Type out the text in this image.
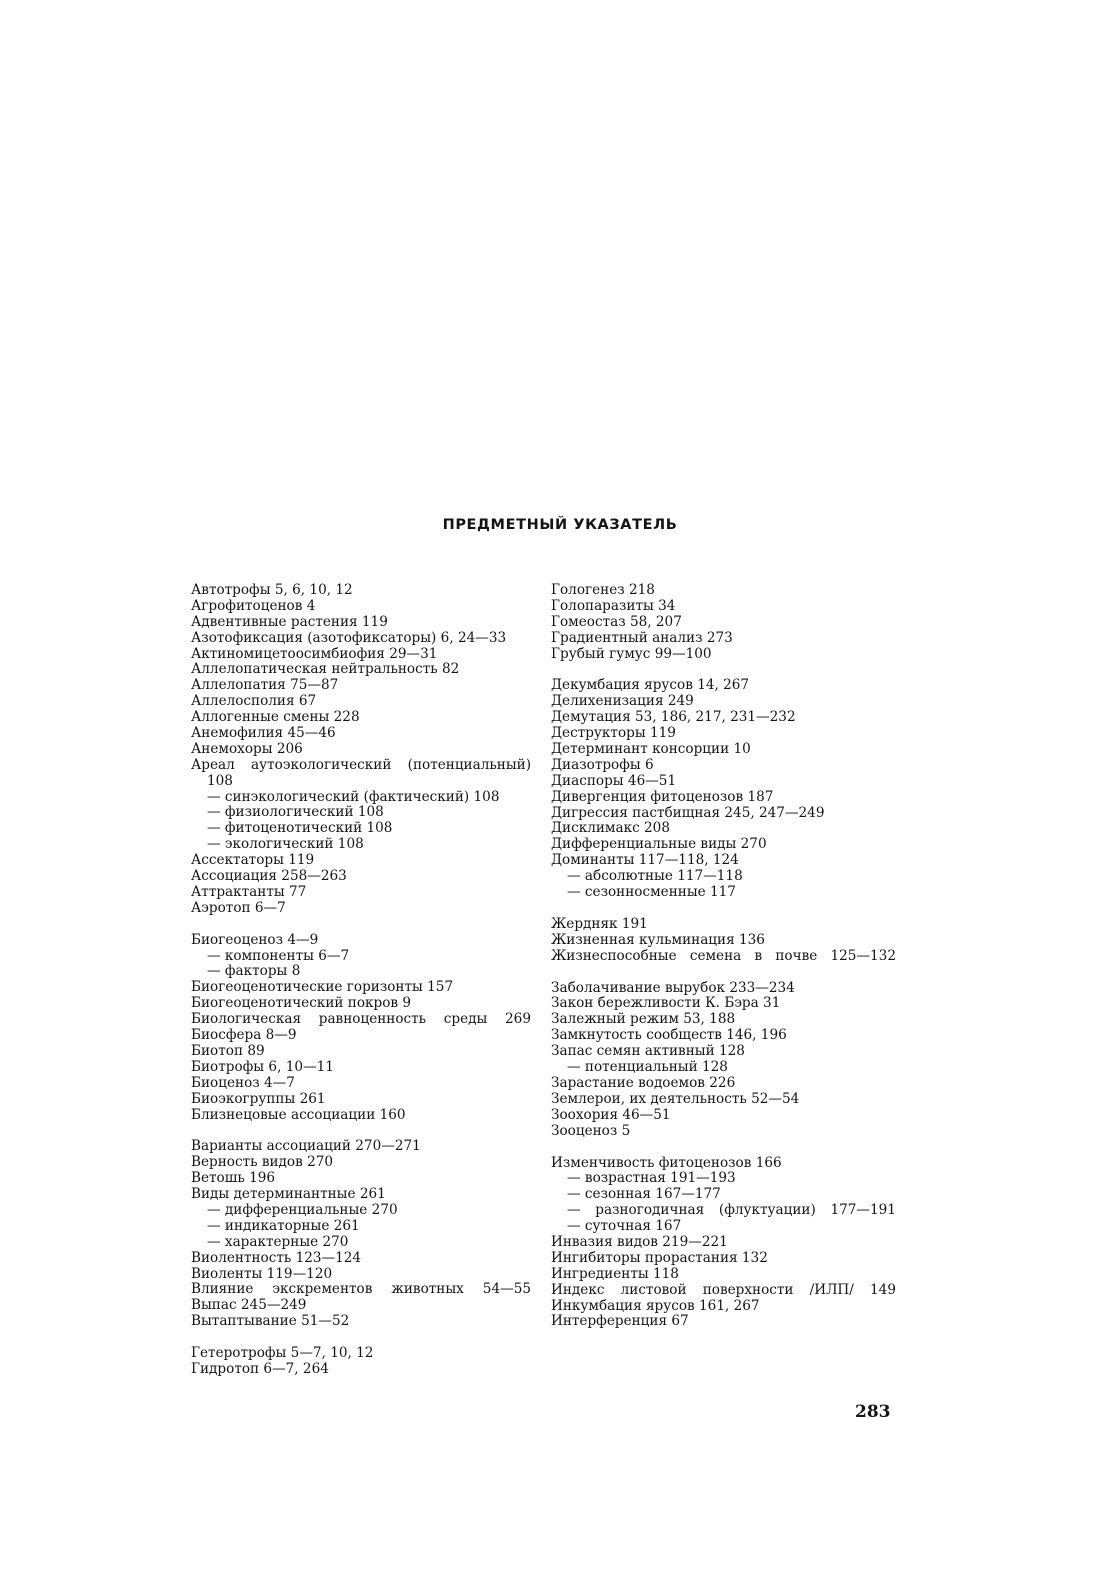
ПРЕДМЕТНЫЙ УКАЗАТЕЛЬ
Автотрофы 5, 6, 10, 12
Агрофитоценов 4
Адвентивные растения 119
Азотофиксация (азотофиксаторы) 6, 24—33
Актиномицетоосимбиофия 29—31
Аллелопатическая нейтральность 82
Аллелопатия 75—87
Аллелосполия 67
Аллогенные смены 228
Анемофилия 45—46
Анемохоры 206
Ареал аутоэкологический (потенциальный)
108
— синэкологический (фактический) 108
— физиологический 108
— фитоценотический 108
— экологический 108
Ассектаторы 119
Ассоциация 258—263
Аттрактанты 77
Аэротоп 6—7
Биогеоценоз 4—9
— компоненты 6—7
— факторы 8
Биогеоценотические горизонты 157
Биогеоценотический покров 9
Биологическая равноценность среды 269
Биосфера 8—9
Биотоп 89
Биотрофы 6, 10—11
Биоценоз 4—7
Биоэкогруппы 261
Близнецовые ассоциации 160
Варианты ассоциаций 270—271
Верность видов 270
Ветошь 196
Виды детерминантные 261
— дифференциальные 270
— индикаторные 261
— характерные 270
Виолентность 123—124
Виоленты 119—120
Влияние экскрементов животных 54—55
Выпас 245—249
Вытаптывание 51—52
Гетеротрофы 5—7, 10, 12
Гидротоп 6—7, 264
Гологенез 218
Голопаразиты 34
Гомеостаз 58, 207
Градиентный анализ 273
Грубый гумус 99—100
Декумбация ярусов 14, 267
Делихенизация 249
Демутация 53, 186, 217, 231—232
Деструкторы 119
Детерминант консорции 10
Диазотрофы 6
Диаспоры 46—51
Дивергенция фитоценозов 187
Дигрессия пастбищная 245, 247—249
Дисклимакс 208
Дифференциальные виды 270
Доминанты 117—118, 124
— абсолютные 117—118
— сезонносменные 117
Жердняк 191
Жизненная кульминация 136
Жизнеспособные семена в почве 125—132
Заболачивание вырубок 233—234
Закон бережливости К. Бэра 31
Залежный режим 53, 188
Замкнутость сообществ 146, 196
Запас семян активный 128
— потенциальный 128
Зарастание водоемов 226
Землерои, их деятельность 52—54
Зоохория 46—51
Зооценоз 5
Изменчивость фитоценозов 166
— возрастная 191—193
— сезонная 167—177
— разногодичная (флуктуации) 177—191
— суточная 167
Инвазия видов 219—221
Ингибиторы прорастания 132
Ингредиенты 118
Индекс листовой поверхности /ИЛП/ 149
Инкумбация ярусов 161, 267
Интерференция 67
283
